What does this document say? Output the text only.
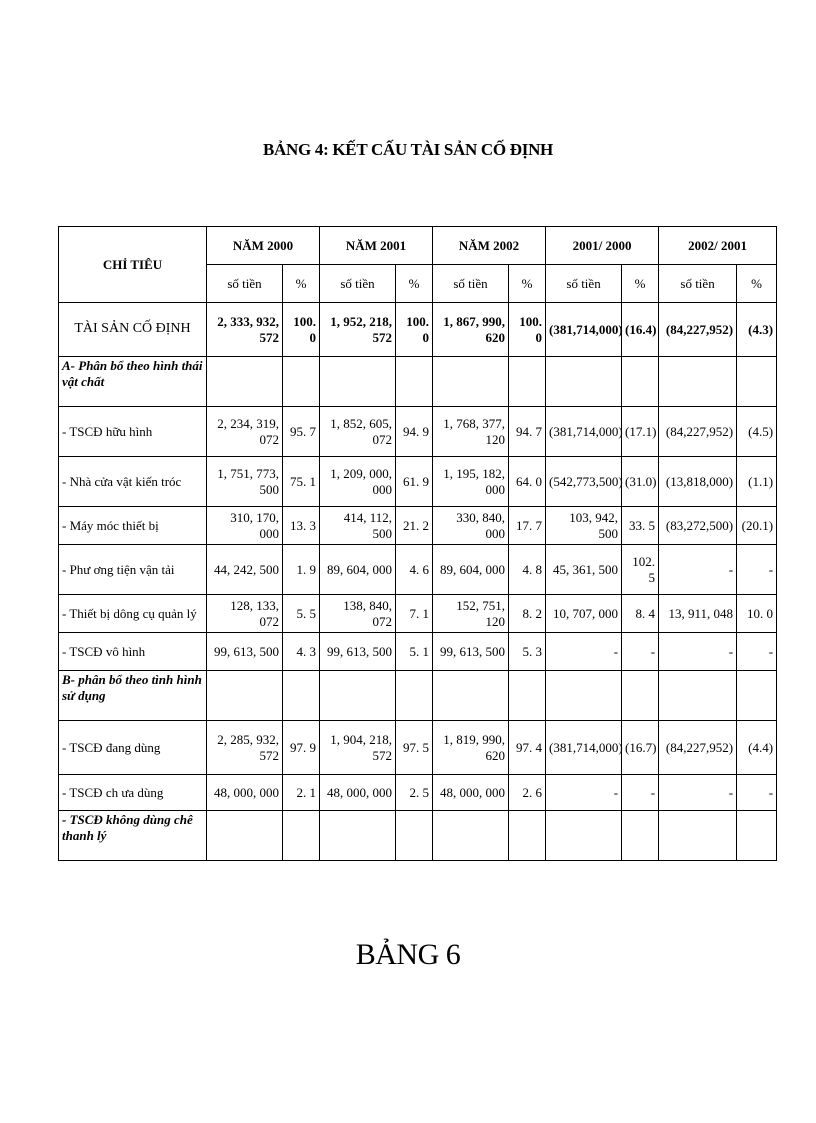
BẢNG 4: KẾT CẤU TÀI SẢN CỐ ĐỊNH
CHỈ TIÊU	NĂM 2000		NĂM 2001		NĂM 2002		2001/ 2000		2002/ 2001	
	số tiền	%	số tiền	%	số tiền	%	số tiền	%	số tiền	%
TÀI SẢN CỐ ĐỊNH	2, 333, 932, 572	100. 0	1, 952, 218, 572	100. 0	1, 867, 990, 620	100. 0	(381,714,000)	(16.4)	(84,227,952)	(4.3)
A- Phân bổ theo hình thái vật chất										
- TSCĐ hữu hình	2, 234, 319, 072	95. 7	1, 852, 605, 072	94. 9	1, 768, 377, 120	94. 7	(381,714,000)	(17.1)	(84,227,952)	(4.5)
- Nhà cửa vật kiến tróc	1, 751, 773, 500	75. 1	1, 209, 000, 000	61. 9	1, 195, 182, 000	64. 0	(542,773,500)	(31.0)	(13,818,000)	(1.1)
- Máy móc thiết bị	310, 170, 000	13. 3	414, 112, 500	21. 2	330, 840, 000	17. 7	103, 942, 500	33. 5	(83,272,500)	(20.1)
- Phư ơng tiện vận tải	44, 242, 500	1. 9	89, 604, 000	4. 6	89, 604, 000	4. 8	45, 361, 500	102. 5	-	-
- Thiết bị dông cụ quản lý	128, 133, 072	5. 5	138, 840, 072	7. 1	152, 751, 120	8. 2	10, 707, 000	8. 4	13, 911, 048	10. 0
- TSCĐ vô hình	99, 613, 500	4. 3	99, 613, 500	5. 1	99, 613, 500	5. 3	-	-	-	-
B- phân bổ theo tình hình sử dụng										
- TSCĐ đang dùng	2, 285, 932, 572	97. 9	1, 904, 218, 572	97. 5	1, 819, 990, 620	97. 4	(381,714,000)	(16.7)	(84,227,952)	(4.4)
- TSCĐ ch ưa dùng	48, 000, 000	2. 1	48, 000, 000	2. 5	48, 000, 000	2. 6	-	-	-	-
- TSCĐ không dùng chê thanh lý										
BẢNG 6
